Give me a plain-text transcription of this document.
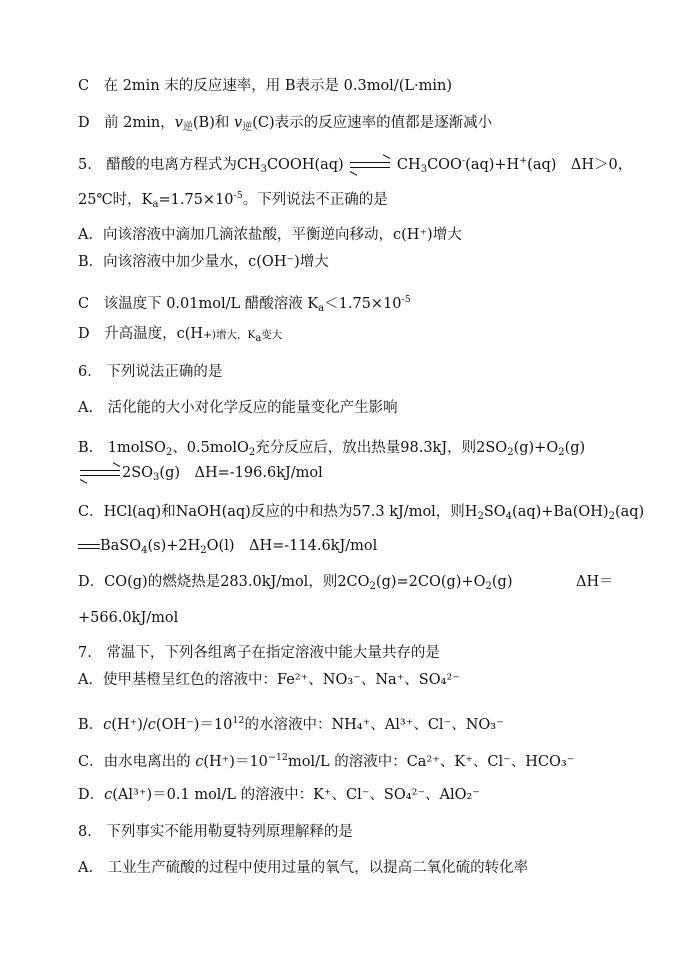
C　在 2min 末的反应速率，用 B表示是 0.3mol/(L·min)
D　前 2min，$v_逆(B)$和 $v_逆(C)$表示的反应速率的值都是逐渐减小
5.　醋酸的电离方程式为$CH_3COOH(aq)$	$CH_3COO^-(aq)+H^+(aq)$　ΔH＞0，
25℃时，$K_a=1.75\times 10^{-5}$。下列说法不正确的是
A．向该溶液中滴加几滴浓盐酸，平衡逆向移动，c(H⁺)增大
B．向该溶液中加少量水，c(OH⁻)增大
C　该温度下 0.01mol/L 醋酸溶液 $K_a<1.75\times 10^{-5}$
D　升高温度，c(H+)增大，$K_a$变大
6.　下列说法正确的是
A.　活化能的大小对化学反应的能量变化产生影响
B.　1molSO$_2$、0.5molO$_2$充分反应后，放出热量98.3kJ，则$2SO_2(g)+O_2(g)$
$2SO_3(g)$　ΔH=-196.6kJ/mol
C．HCl(aq)和NaOH(aq)反应的中和热为57.3 kJ/mol，则$H_2SO_4(aq)+Ba(OH)_2(aq)$
$BaSO_4(s)+2H_2O(l)$　ΔH=-114.6kJ/mol
D．CO(g)的燃烧热是283.0kJ/mol，则$2CO_2(g)=2CO(g)+O_2(g)$	ΔH＝
+566.0kJ/mol
7.　常温下，下列各组离子在指定溶液中能大量共存的是
A．使甲基橙呈红色的溶液中：Fe²⁺、NO₃⁻、Na⁺、SO₄²⁻
B．$c(H^+)/c(OH^-)=10^{12}$的水溶液中：NH₄⁺、Al³⁺、Cl⁻、NO₃⁻
C．由水电离出的 $c(H^+)=10^{-12}mol/L$ 的溶液中：Ca²⁺、K⁺、Cl⁻、HCO₃⁻
D．c(Al³⁺)＝0.1 mol/L 的溶液中：K⁺、Cl⁻、SO₄²⁻、AlO₂⁻
8.　下列事实不能用勒夏特列原理解释的是
A.　工业生产硫酸的过程中使用过量的氧气，以提高二氧化硫的转化率
